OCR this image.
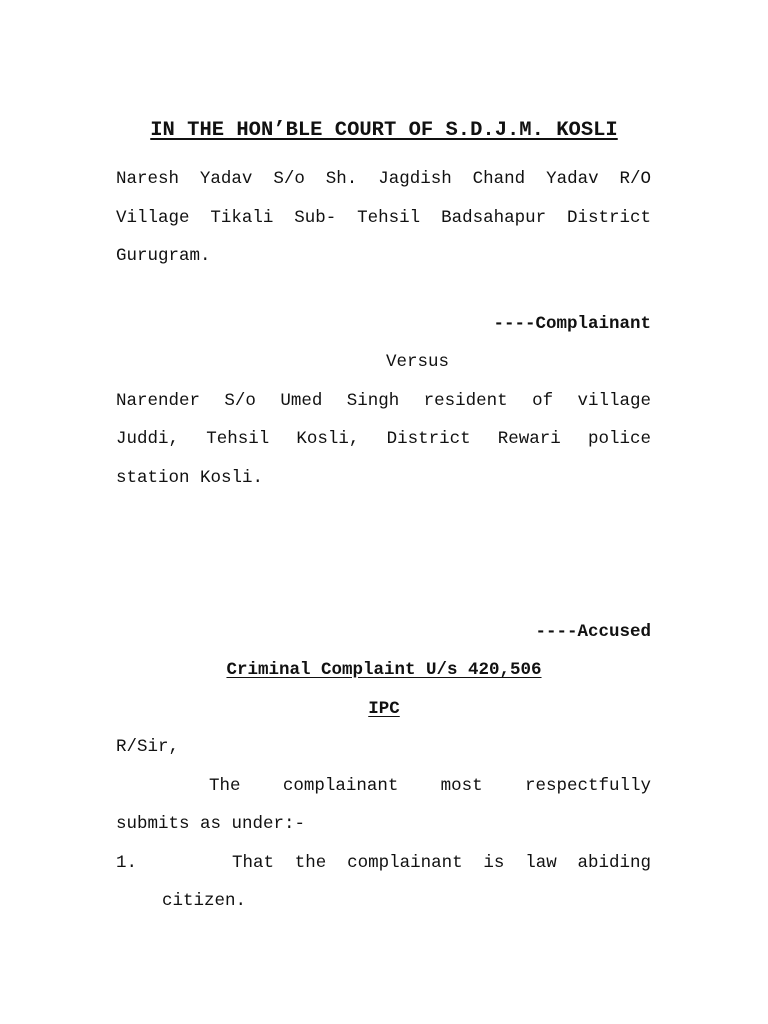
IN THE HON’BLE COURT OF S.D.J.M. KOSLI
Naresh Yadav S/o Sh. Jagdish Chand Yadav R/O
Village Tikali Sub- Tehsil Badsahapur District
Gurugram.
----Complainant
Versus
Narender S/o Umed Singh resident of village
Juddi, Tehsil Kosli, District Rewari police
station Kosli.
----Accused
Criminal Complaint U/s 420,506
IPC
R/Sir,
The complainant most respectfully
submits as under:-
1.	That the complainant is law abiding
citizen.
